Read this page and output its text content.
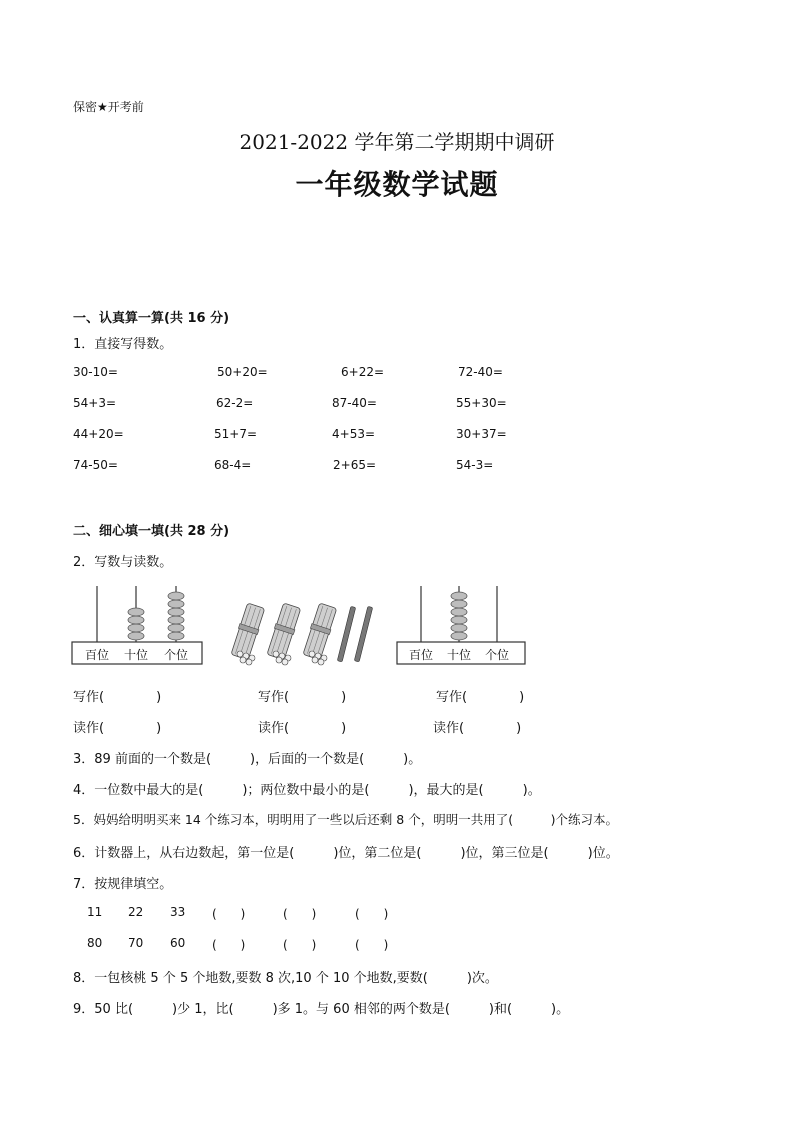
保密★开考前
2021-2022 学年第二学期期中调研
一年级数学试题
一、认真算一算(共 16 分)
1．直接写得数。
30-10=	50+20=	6+22=	72-40=
54+3=	62-2=	87-40=	55+30=
44+20=	51+7=	4+53=	30+37=
74-50=	68-4=	2+65=	54-3=
二、细心填一填(共 28 分)
2．写数与读数。
百位 十位 个位	百位 十位 个位
写作(　　　　)	写作(　　　　)	写作(　　　　)
读作(　　　　)	读作(　　　　)	读作(　　　　)
3．89 前面的一个数是(　　　)，后面的一个数是(　　　)。
4．一位数中最大的是(　　　)；两位数中最小的是(　　　)，最大的是(　　　)。
5．妈妈给明明买来 14 个练习本，明明用了一些以后还剩 8 个，明明一共用了(　　　)个练习本。
6．计数器上，从右边数起，第一位是(　　　)位，第二位是(　　　)位，第三位是(　　　)位。
7．按规律填空。
11 22 33 (　　)	(　　)	(　　)
80 70 60 (　　)	(　　)	(　　)
8．一包核桃 5 个 5 个地数,要数 8 次,10 个 10 个地数,要数(　　　)次。
9．50 比(　　　)少 1，比(　　　)多 1。与 60 相邻的两个数是(　　　)和(　　　)。
